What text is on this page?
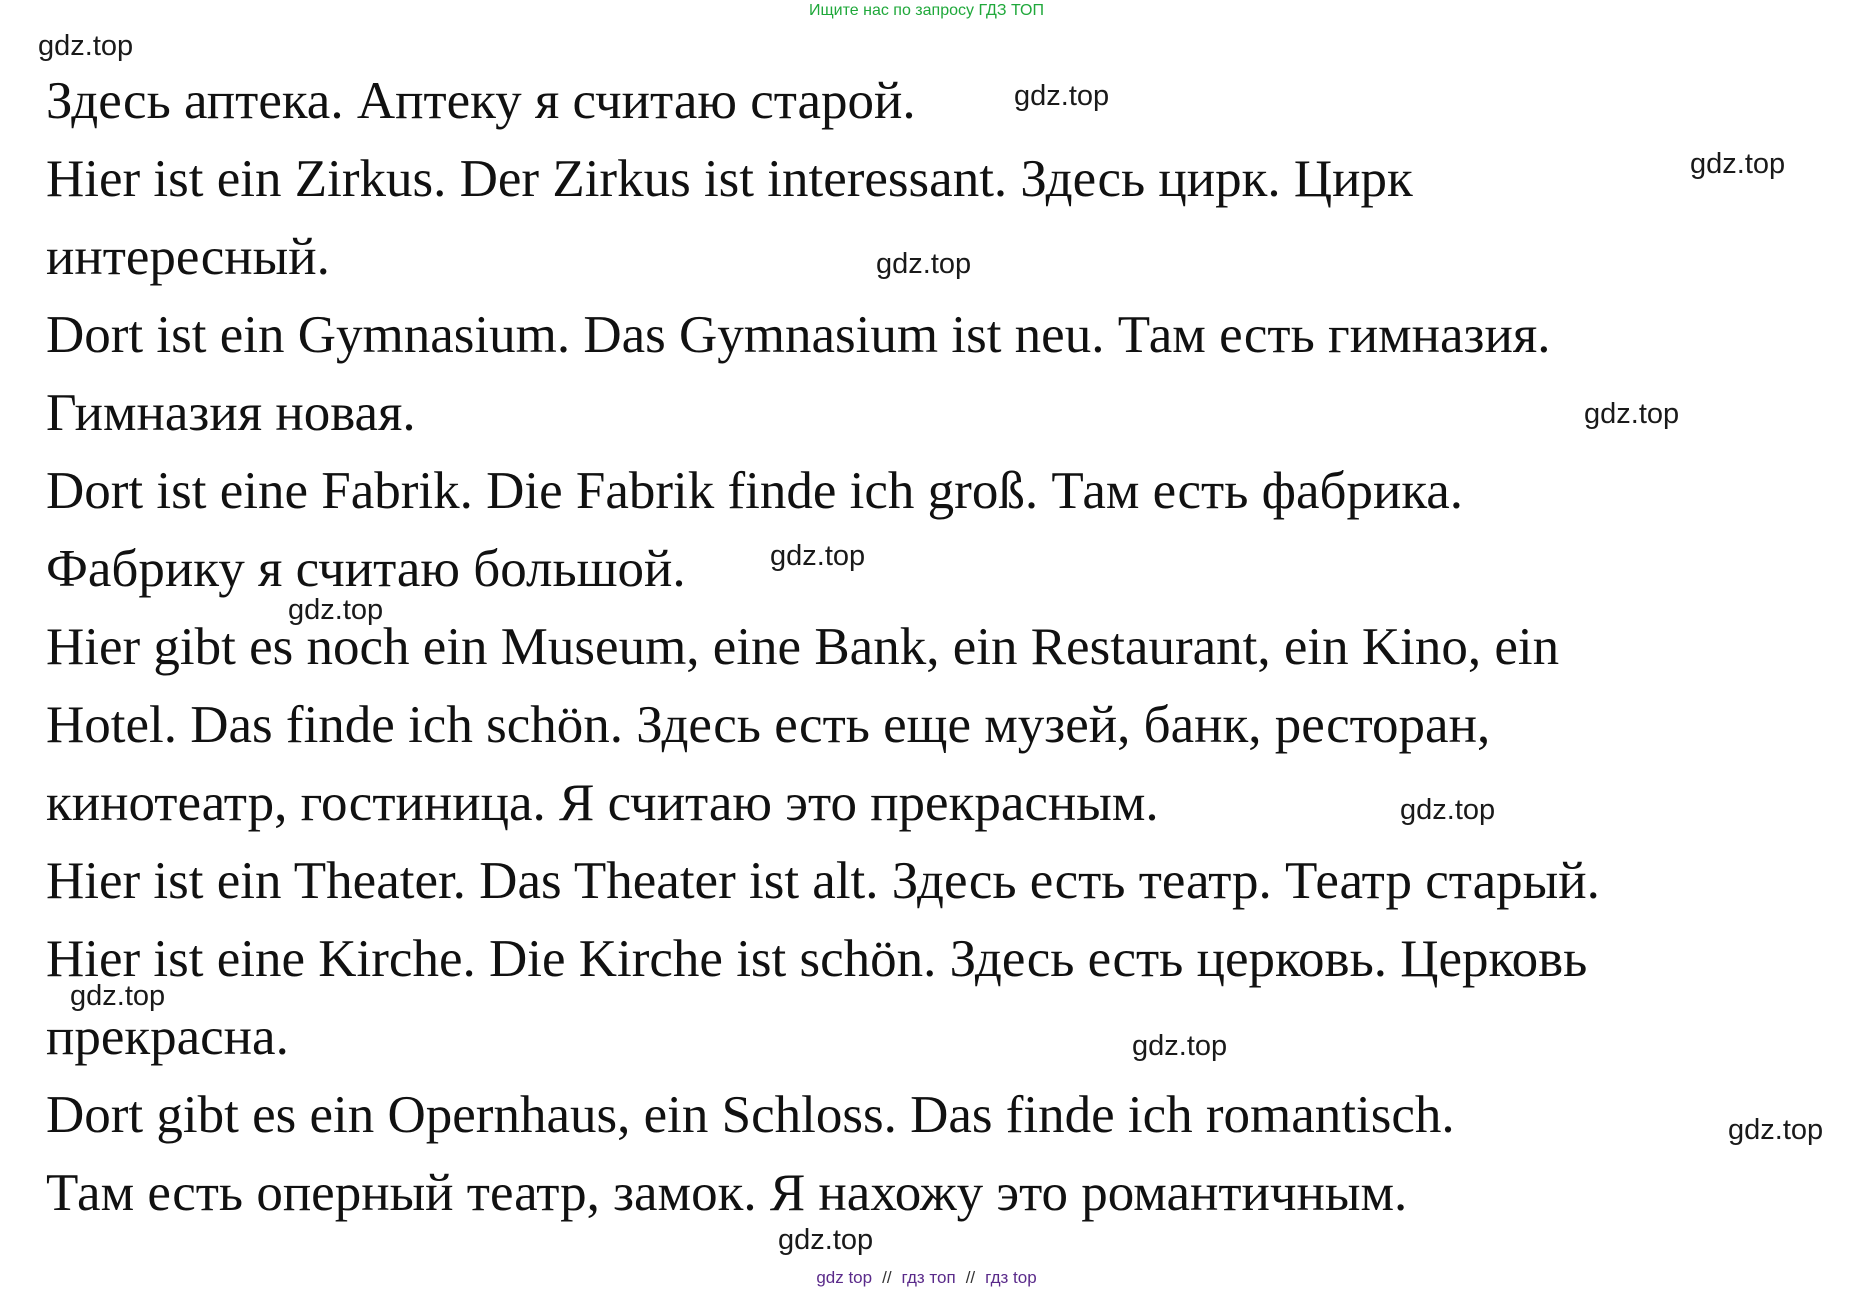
Ищите нас по запросу ГДЗ ТОП
Здесь аптека. Аптеку я считаю старой.
Hier ist ein Zirkus. Der Zirkus ist interessant. Здесь цирк. Цирк
интересный.
Dort ist ein Gymnasium. Das Gymnasium ist neu. Там есть гимназия.
Гимназия новая.
Dort ist eine Fabrik. Die Fabrik finde ich groß. Там есть фабрика.
Фабрику я считаю большой.
Hier gibt es noch ein Museum, eine Bank, ein Restaurant, ein Kino, ein
Hotel. Das finde ich schön. Здесь есть еще музей, банк, ресторан,
кинотеатр, гостиница. Я считаю это прекрасным.
Hier ist ein Theater. Das Theater ist alt. Здесь есть театр. Театр старый.
Hier ist eine Kirche. Die Kirche ist schön. Здесь есть церковь. Церковь
прекрасна.
Dort gibt es ein Opernhaus, ein Schloss. Das finde ich romantisch.
Там есть оперный театр, замок. Я нахожу это романтичным.
gdz.top
gdz.top
gdz.top
gdz.top
gdz.top
gdz.top
gdz.top
gdz.top
gdz.top
gdz.top
gdz.top
gdz.top
gdz top // гдз топ // гдз top
